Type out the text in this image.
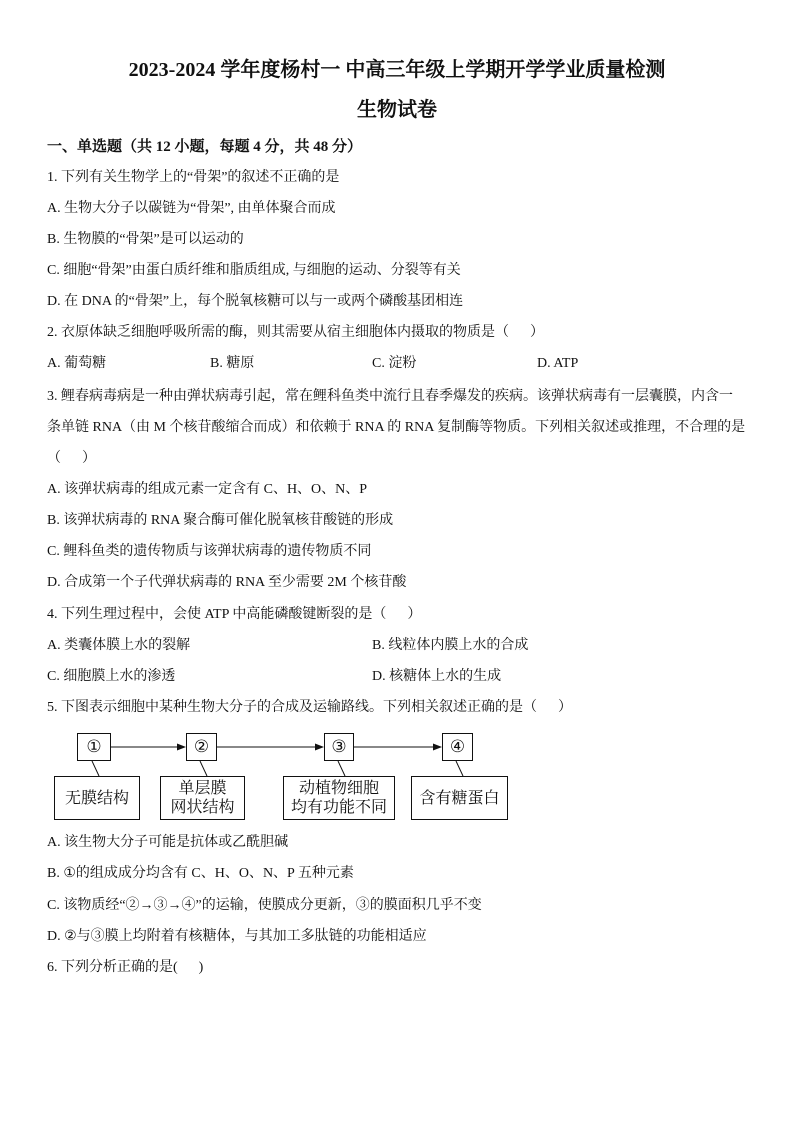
2023-2024 学年度杨村一 中高三年级上学期开学学业质量检测
生物试卷
一、单选题（共 12 小题，每题 4 分，共 48 分）
1. 下列有关生物学上的“骨架”的叙述不正确的是
A. 生物大分子以碳链为“骨架”, 由单体聚合而成
B. 生物膜的“骨架”是可以运动的
C. 细胞“骨架”由蛋白质纤维和脂质组成, 与细胞的运动、分裂等有关
D. 在 DNA 的“骨架”上，每个脱氧核糖可以与一或两个磷酸基团相连
2. 衣原体缺乏细胞呼吸所需的酶，则其需要从宿主细胞体内摄取的物质是（      ）
A. 葡萄糖	B. 糖原	C. 淀粉	D. ATP
3. 鲤春病毒病是一种由弹状病毒引起，常在鲤科鱼类中流行且春季爆发的疾病。该弹状病毒有一层囊膜，内含一
条单链 RNA（由 M 个核苷酸缩合而成）和依赖于 RNA 的 RNA 复制酶等物质。下列相关叙述或推理，不合理的是
（      ）
A. 该弹状病毒的组成元素一定含有 C、H、O、N、P
B. 该弹状病毒的 RNA 聚合酶可催化脱氧核苷酸链的形成
C. 鲤科鱼类的遗传物质与该弹状病毒的遗传物质不同
D. 合成第一个子代弹状病毒的 RNA 至少需要 2M 个核苷酸
4. 下列生理过程中，会使 ATP 中高能磷酸键断裂的是（      ）
A. 类囊体膜上水的裂解	B. 线粒体内膜上水的合成
C. 细胞膜上水的渗透	D. 核糖体上水的生成
5. 下图表示细胞中某种生物大分子的合成及运输路线。下列相关叙述正确的是（      ）
①	②	③	④
无膜结构
单层膜
网状结构
动植物细胞
均有功能不同
含有糖蛋白
A. 该生物大分子可能是抗体或乙酰胆碱
B. ①的组成成分均含有 C、H、O、N、P 五种元素
C. 该物质经“②→③→④”的运输，使膜成分更新，③的膜面积几乎不变
D. ②与③膜上均附着有核糖体，与其加工多肽链的功能相适应
6. 下列分析正确的是(      )
